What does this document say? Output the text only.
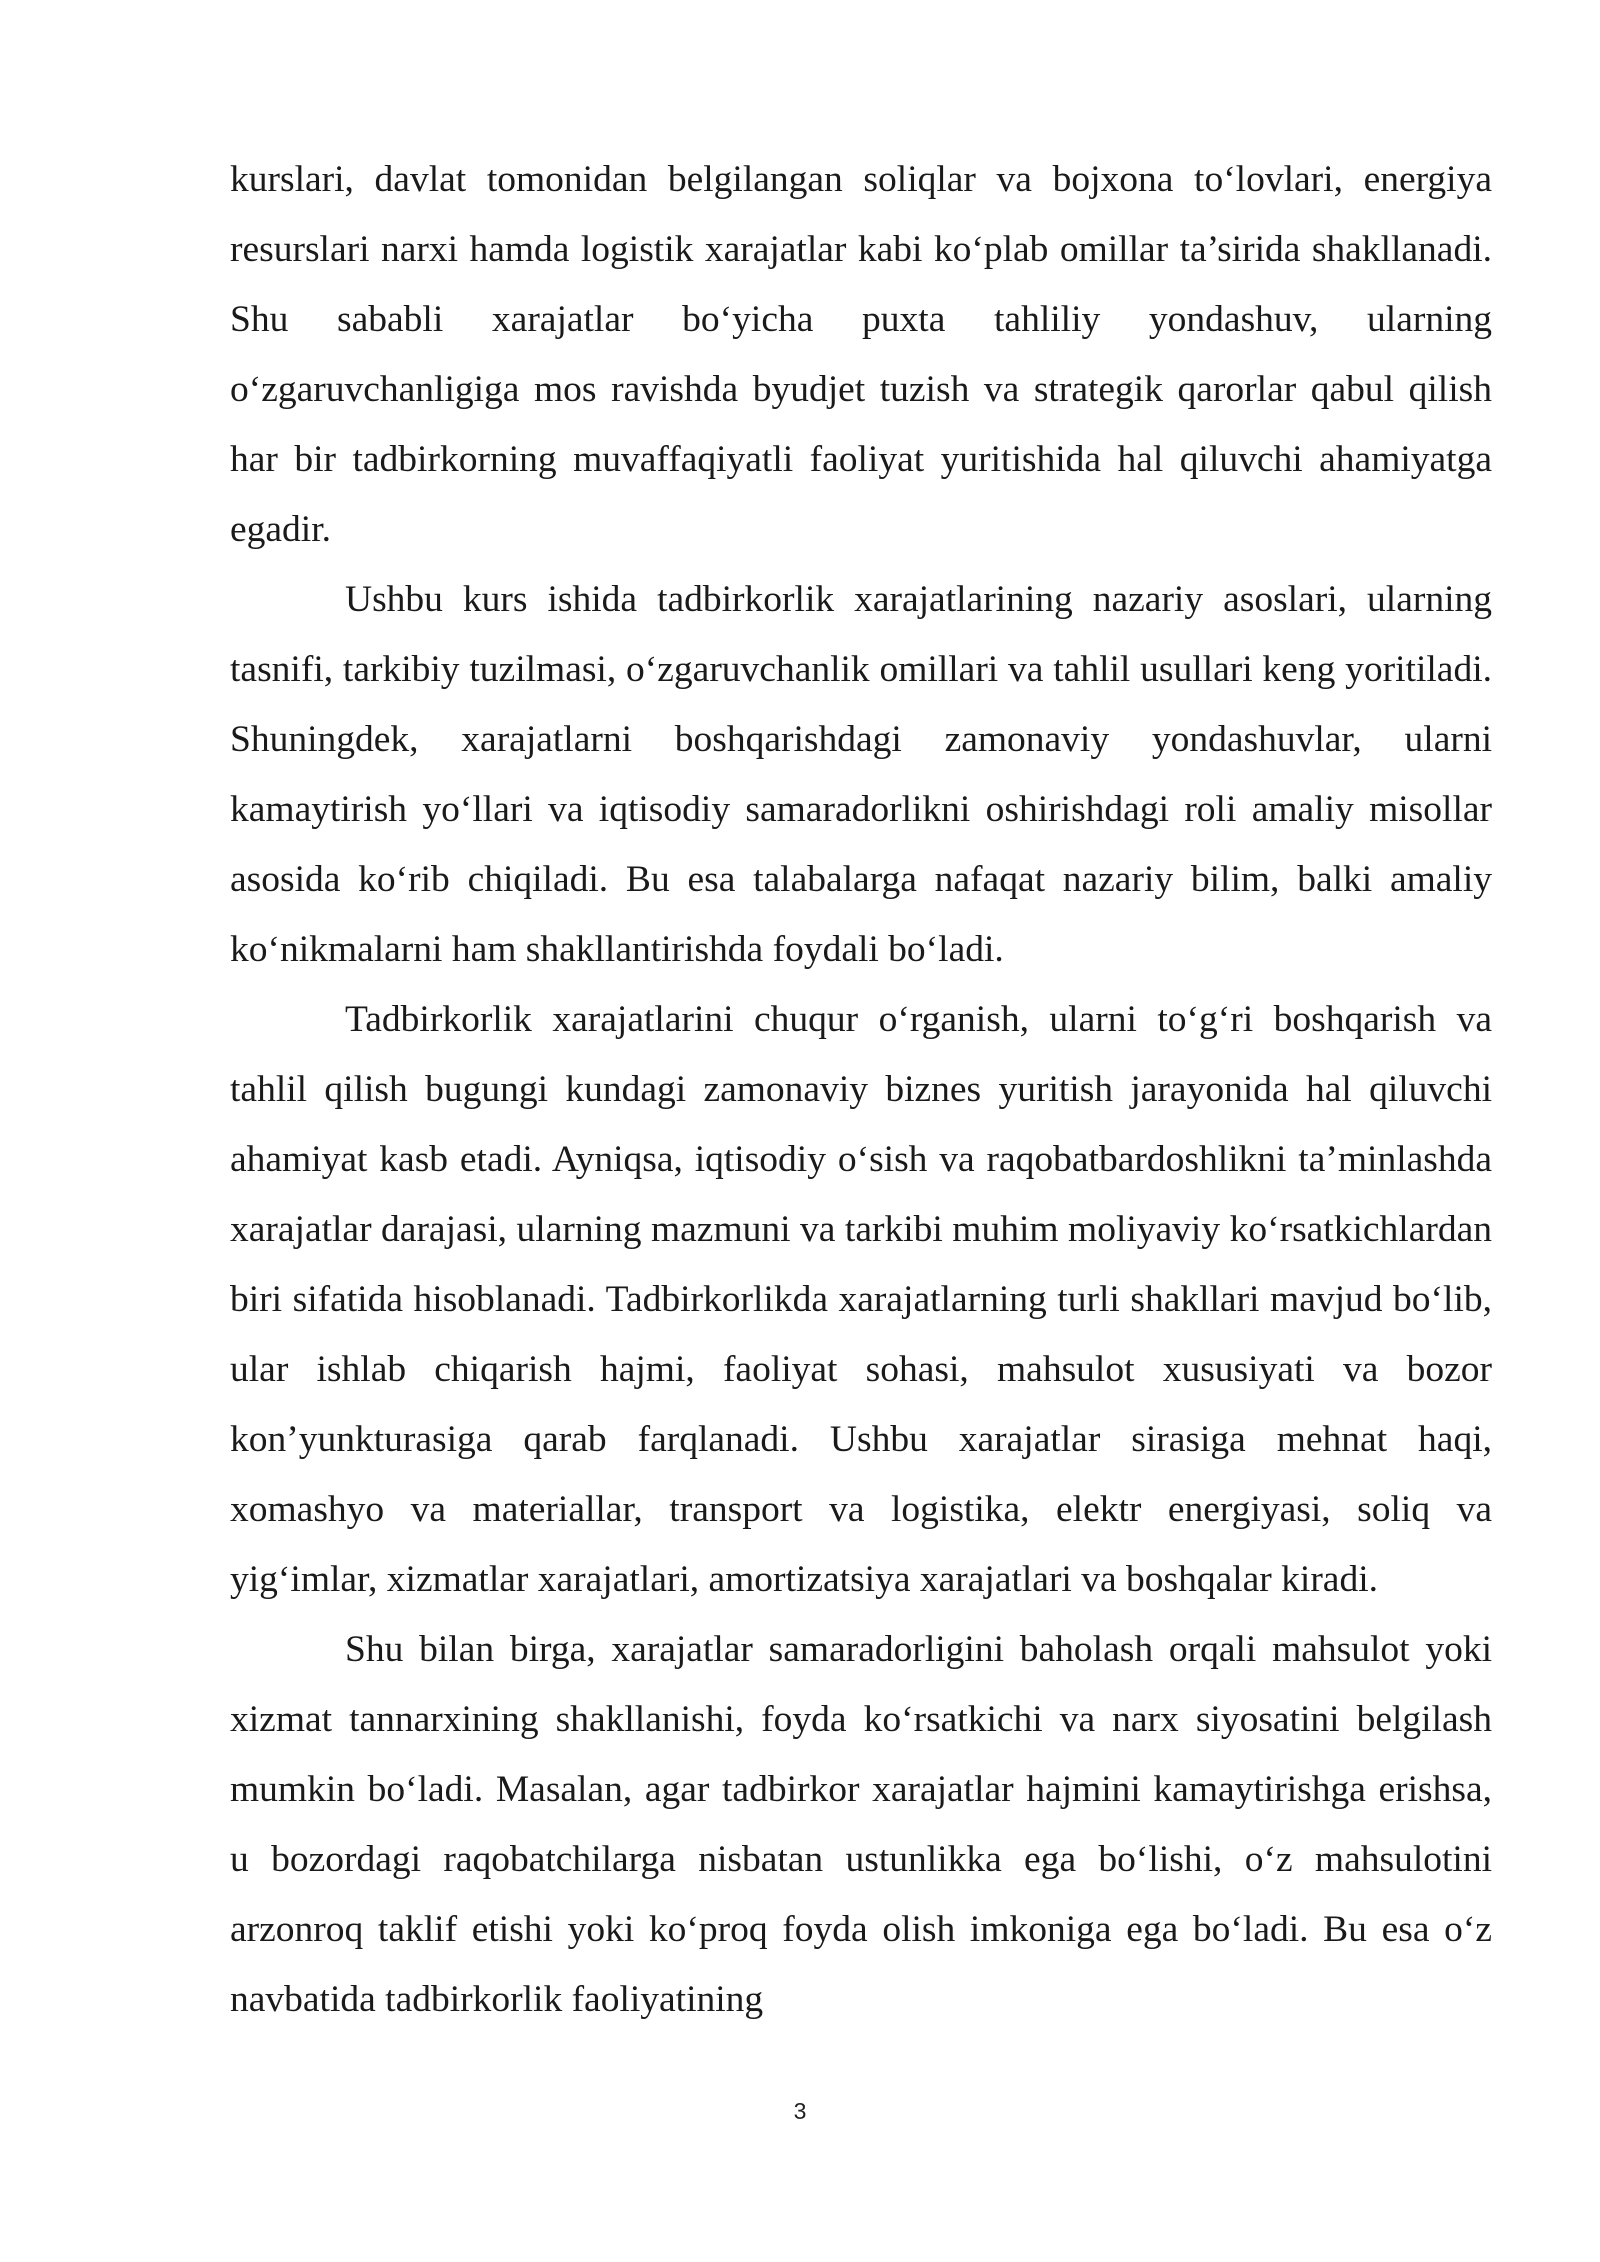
kurslari, davlat tomonidan belgilangan soliqlar va bojxona to‘lovlari, energiya resurslari narxi hamda logistik xarajatlar kabi ko‘plab omillar ta’sirida shakllanadi. Shu sababli xarajatlar bo‘yicha puxta tahliliy yondashuv, ularning o‘zgaruvchanligiga mos ravishda byudjet tuzish va strategik qarorlar qabul qilish har bir tadbirkorning muvaffaqiyatli faoliyat yuritishida hal qiluvchi ahamiyatga egadir.

Ushbu kurs ishida tadbirkorlik xarajatlarining nazariy asoslari, ularning tasnifi, tarkibiy tuzilmasi, o‘zgaruvchanlik omillari va tahlil usullari keng yoritiladi. Shuningdek, xarajatlarni boshqarishdagi zamonaviy yondashuvlar, ularni kamaytirish yo‘llari va iqtisodiy samaradorlikni oshirishdagi roli amaliy misollar asosida ko‘rib chiqiladi. Bu esa talabalarga nafaqat nazariy bilim, balki amaliy ko‘nikmalarni ham shakllantirishda foydali bo‘ladi.

Tadbirkorlik xarajatlarini chuqur o‘rganish, ularni to‘g‘ri boshqarish va tahlil qilish bugungi kundagi zamonaviy biznes yuritish jarayonida hal qiluvchi ahamiyat kasb etadi. Ayniqsa, iqtisodiy o‘sish va raqobatbardoshlikni ta’minlashda xarajatlar darajasi, ularning mazmuni va tarkibi muhim moliyaviy ko‘rsatkichlardan biri sifatida hisoblanadi. Tadbirkorlikda xarajatlarning turli shakllari mavjud bo‘lib, ular ishlab chiqarish hajmi, faoliyat sohasi, mahsulot xususiyati va bozor kon’yunkturasiga qarab farqlanadi. Ushbu xarajatlar sirasiga mehnat haqi, xomashyo va materiallar, transport va logistika, elektr energiyasi, soliq va yig‘imlar, xizmatlar xarajatlari, amortizatsiya xarajatlari va boshqalar kiradi.

Shu bilan birga, xarajatlar samaradorligini baholash orqali mahsulot yoki xizmat tannarxining shakllanishi, foyda ko‘rsatkichi va narx siyosatini belgilash mumkin bo‘ladi. Masalan, agar tadbirkor xarajatlar hajmini kamaytirishga erishsa, u bozordagi raqobatchilarga nisbatan ustunlikka ega bo‘lishi, o‘z mahsulotini arzonroq taklif etishi yoki ko‘proq foyda olish imkoniga ega bo‘ladi. Bu esa o‘z navbatida tadbirkorlik faoliyatining

3
